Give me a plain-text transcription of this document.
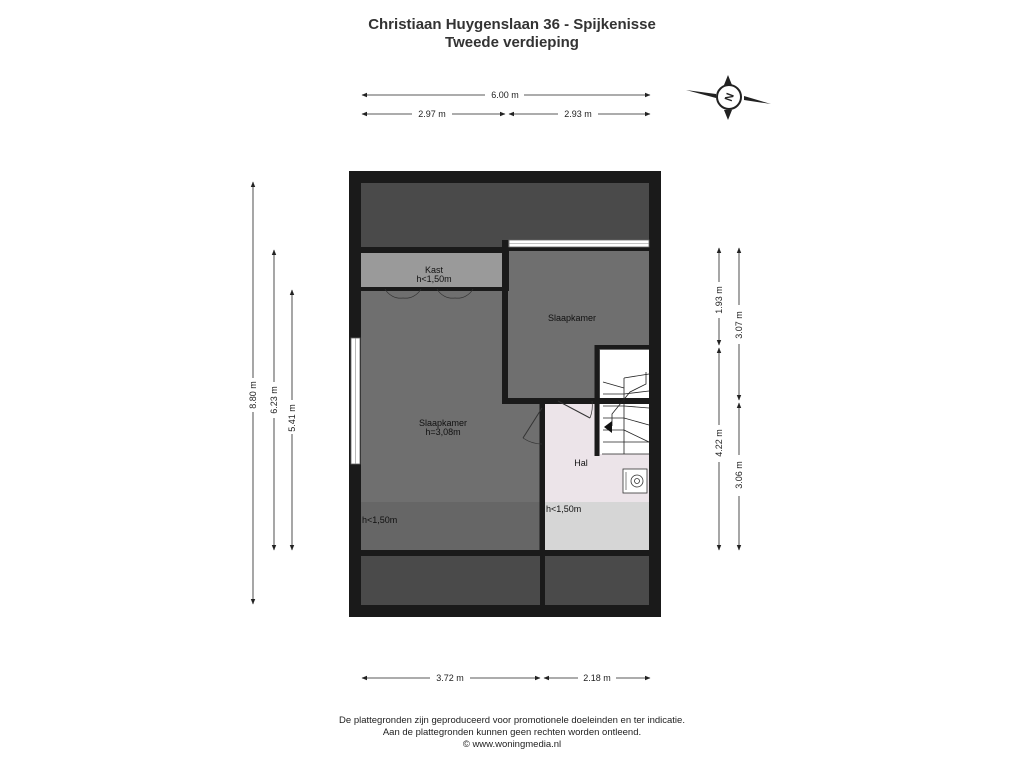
Christiaan Huygenslaan 36 - Spijkenisse
Tweede verdieping
6.00 m
2.97 m	2.93 m
N
8.80 m 6.23 m
5.41 m
1.93 m
3.07 m
4.22 m
3.06 m
3.72 m	2.18 m
Kast
h<1,50m
Slaapkamer
Slaapkamer
h=3,08m
Hal
h<1,50m
h<1,50m
De plattegronden zijn geproduceerd voor promotionele doeleinden en ter indicatie.
Aan de plattegronden kunnen geen rechten worden ontleend.
© www.woningmedia.nl
